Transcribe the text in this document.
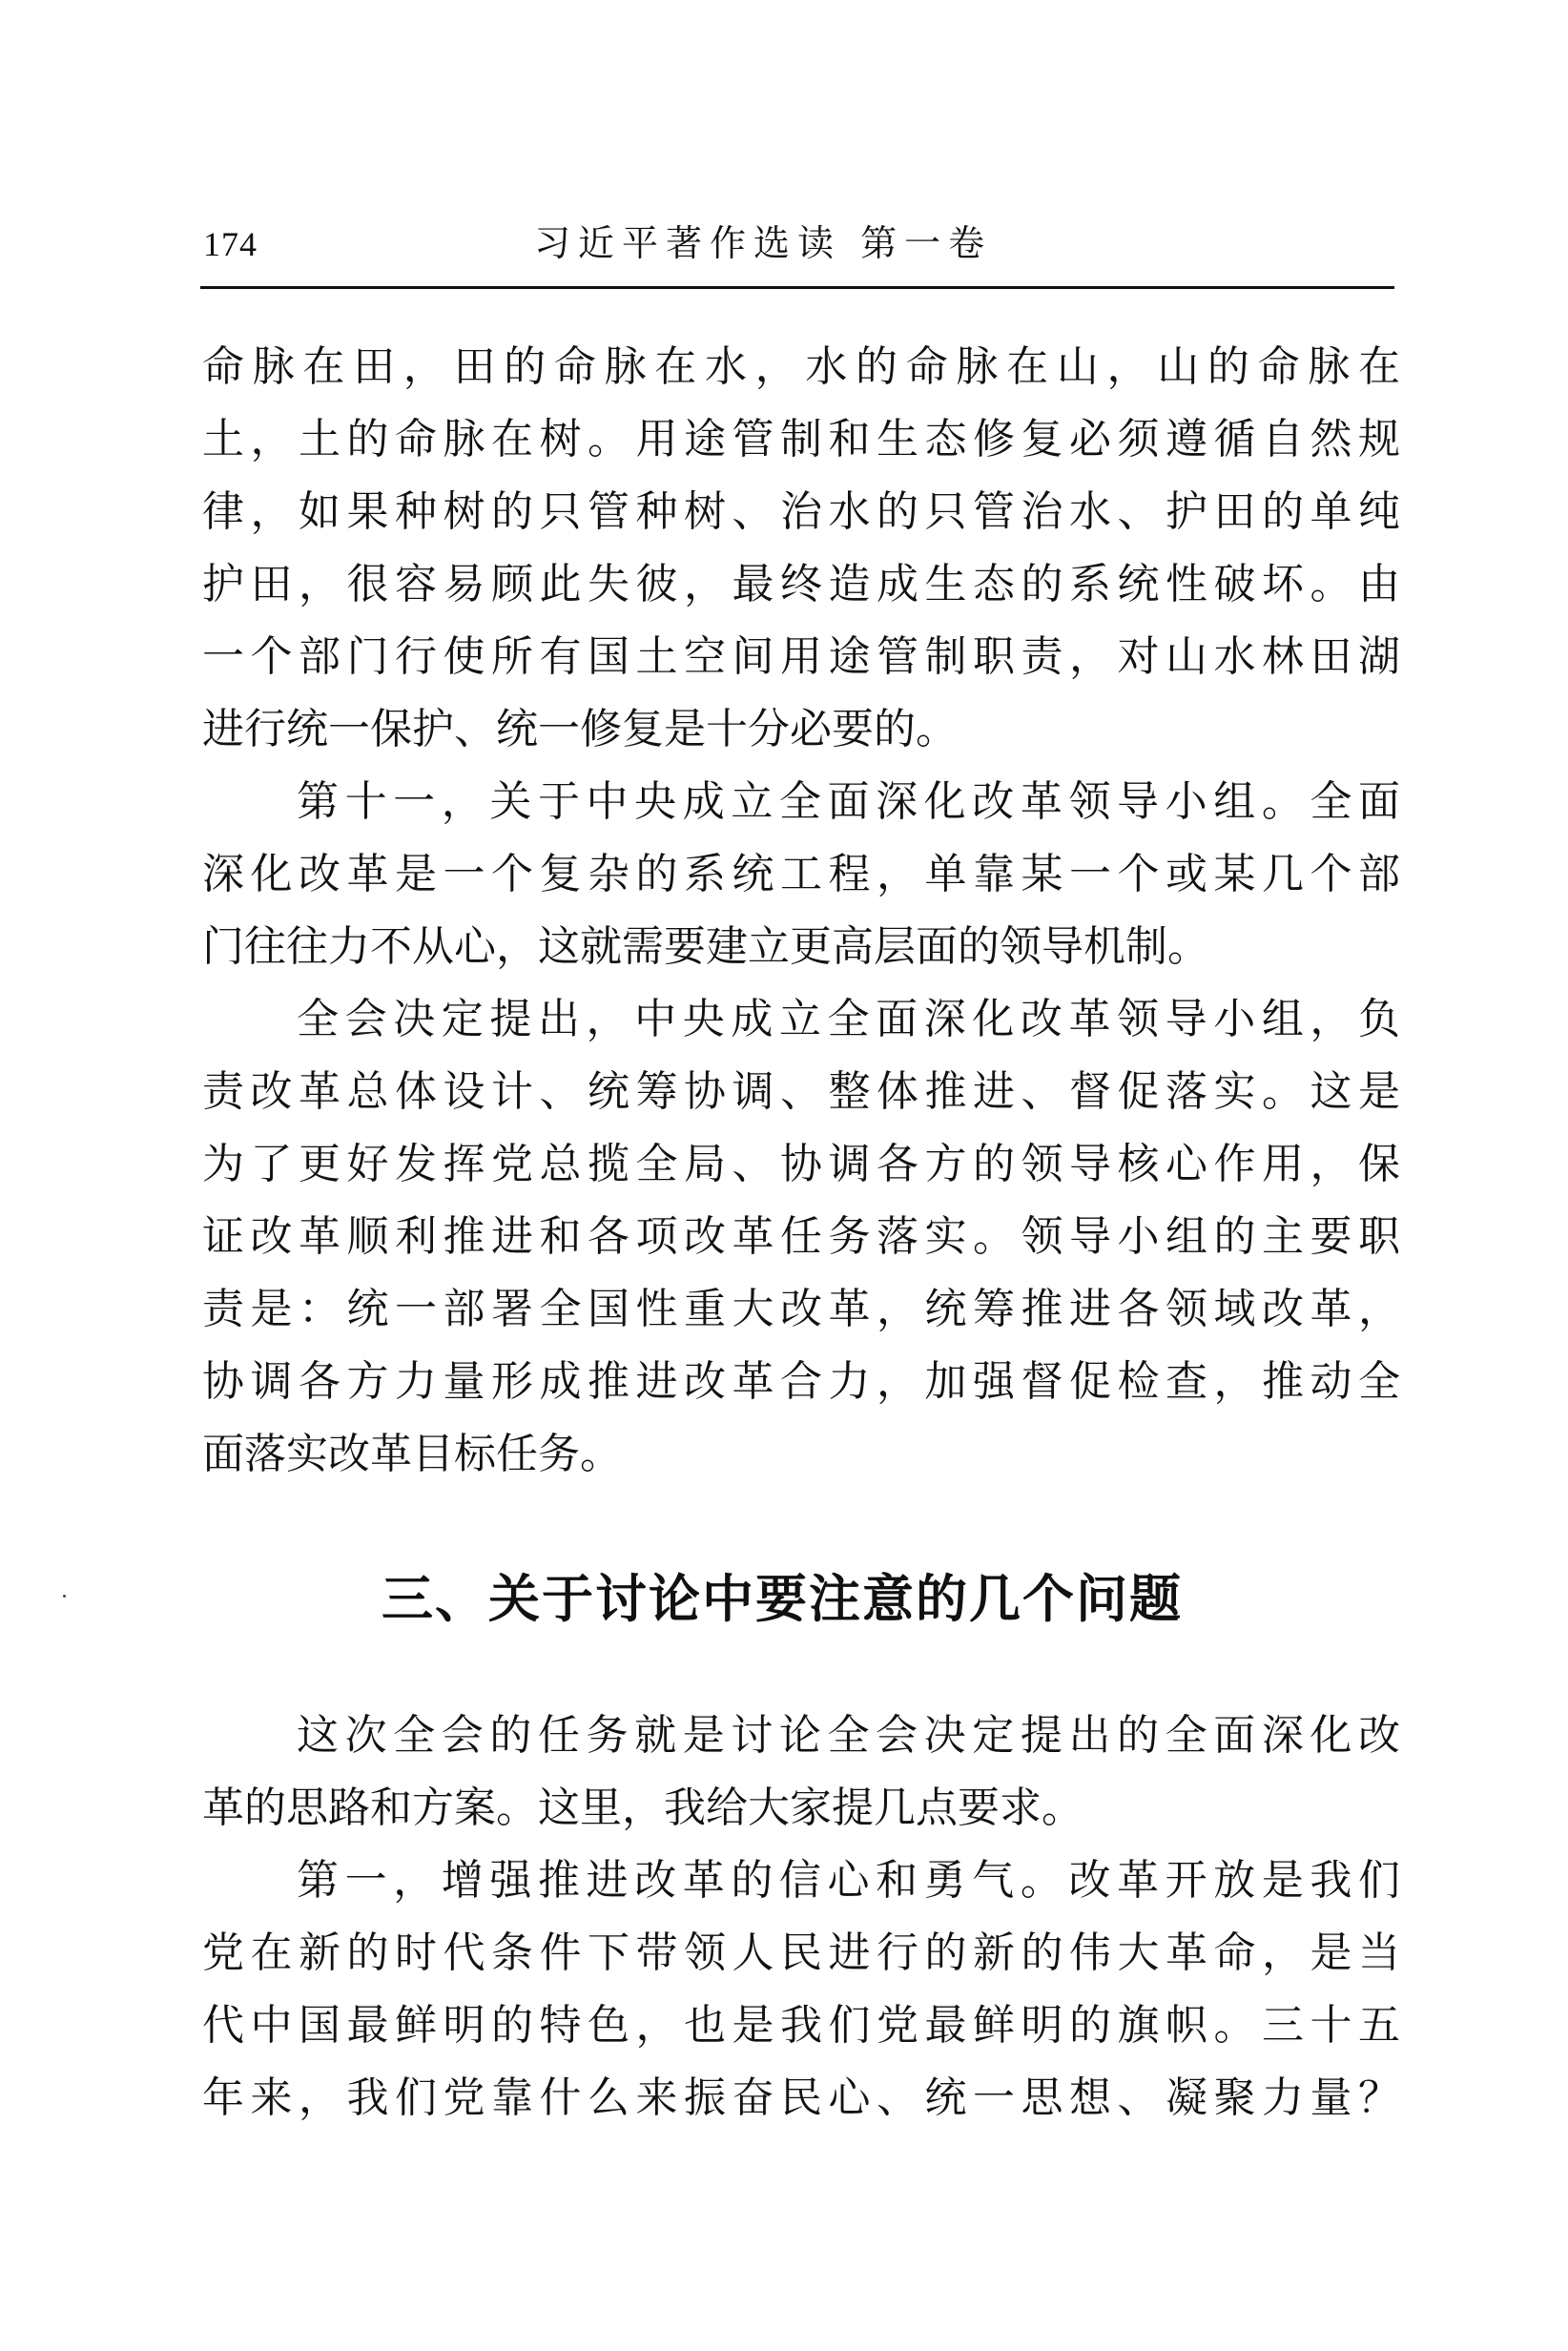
174	习近平著作选读 第一卷
命脉在田，田的命脉在水，水的命脉在山，山的命脉在
土，土的命脉在树。用途管制和生态修复必须遵循自然规
律，如果种树的只管种树、治水的只管治水、护田的单纯
护田，很容易顾此失彼，最终造成生态的系统性破坏。由
一个部门行使所有国土空间用途管制职责，对山水林田湖
进行统一保护、统一修复是十分必要的。
第十一，关于中央成立全面深化改革领导小组。全面
深化改革是一个复杂的系统工程，单靠某一个或某几个部
门往往力不从心，这就需要建立更高层面的领导机制。
全会决定提出，中央成立全面深化改革领导小组，负
责改革总体设计、统筹协调、整体推进、督促落实。这是
为了更好发挥党总揽全局、协调各方的领导核心作用，保
证改革顺利推进和各项改革任务落实。领导小组的主要职
责是：统一部署全国性重大改革，统筹推进各领域改革，
协调各方力量形成推进改革合力，加强督促检查，推动全
面落实改革目标任务。
三、关于讨论中要注意的几个问题
这次全会的任务就是讨论全会决定提出的全面深化改
革的思路和方案。这里，我给大家提几点要求。
第一，增强推进改革的信心和勇气。改革开放是我们
党在新的时代条件下带领人民进行的新的伟大革命，是当
代中国最鲜明的特色，也是我们党最鲜明的旗帜。三十五
年来，我们党靠什么来振奋民心、统一思想、凝聚力量？
